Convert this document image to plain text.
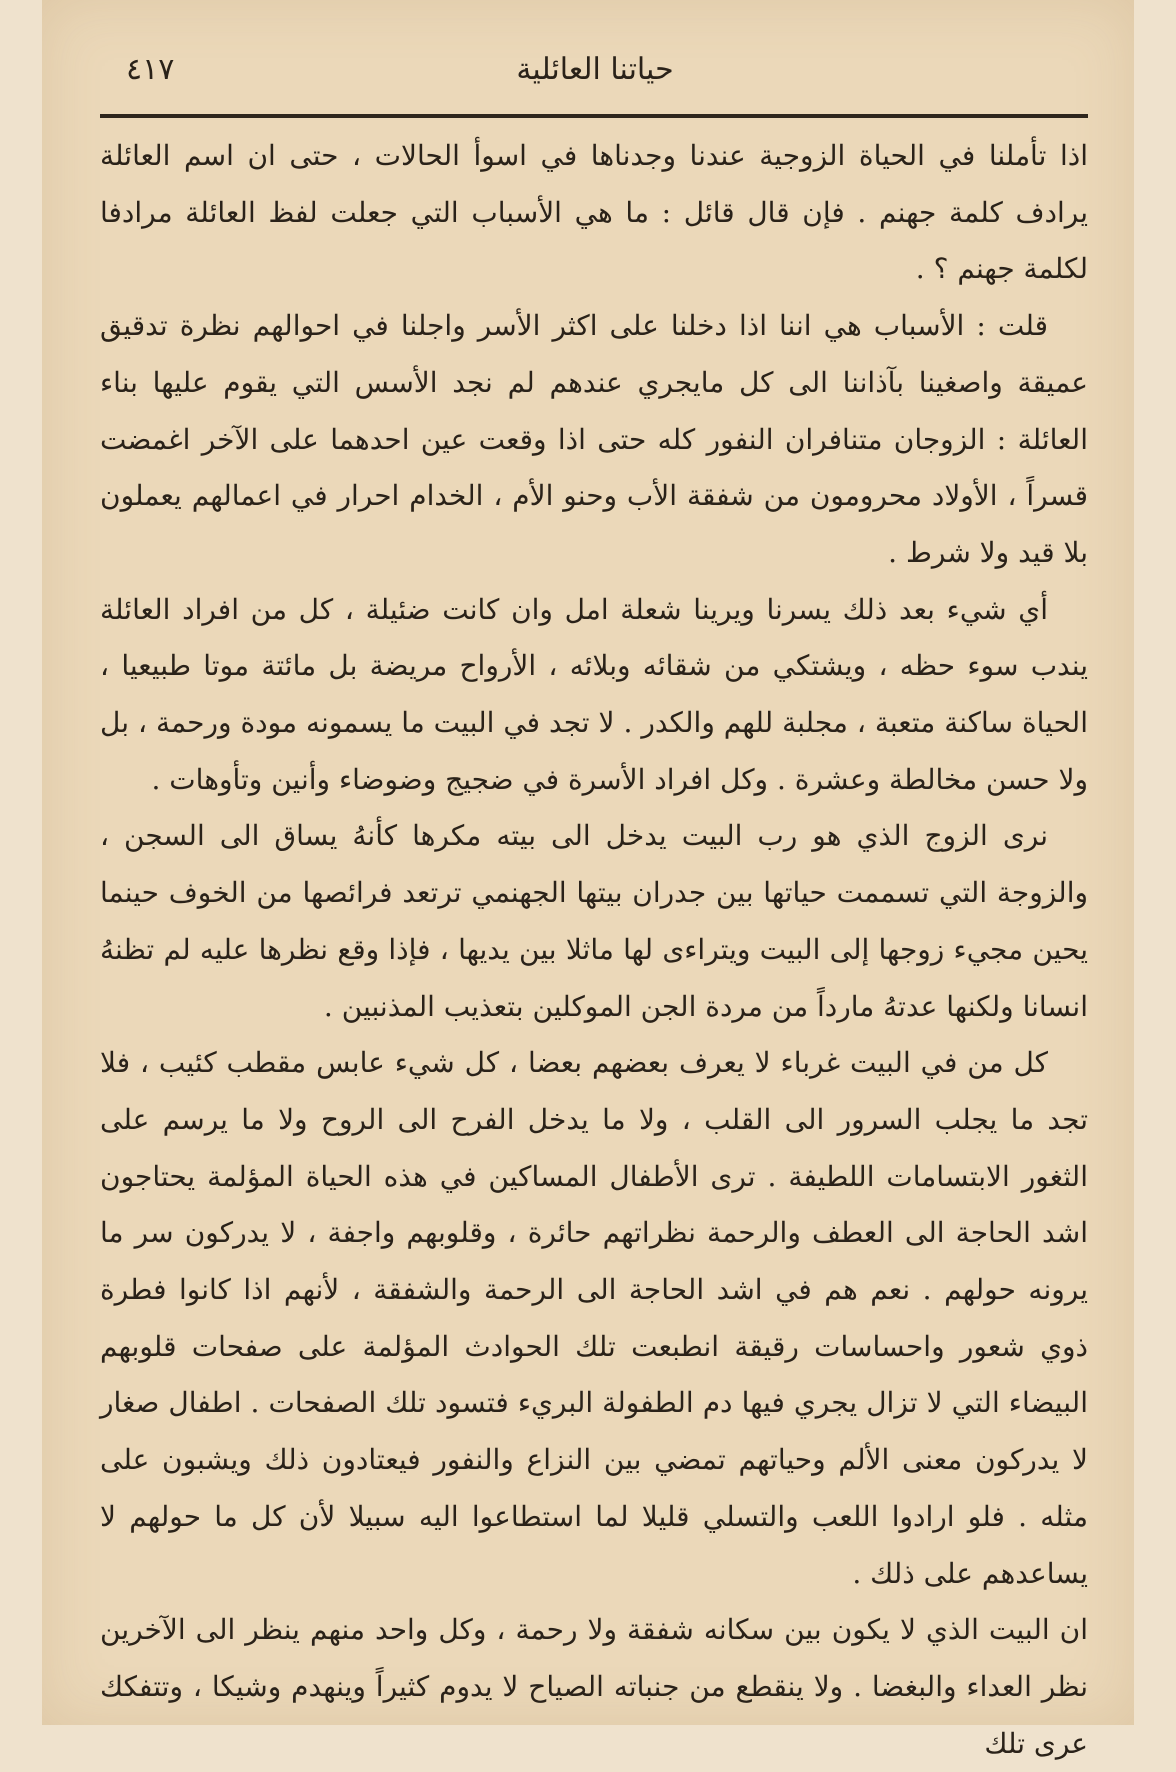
حياتنا العائلية
٤١٧

اذا تأملنا في الحياة الزوجية عندنا وجدناها في اسوأ الحالات ، حتى ان اسم العائلة يرادف كلمة جهنم . فإن قال قائل : ما هي الأسباب التي جعلت لفظ العائلة مرادفا لكلمة جهنم ؟ .

قلت : الأسباب هي اننا اذا دخلنا على اكثر الأسر واجلنا في احوالهم نظرة تدقيق عميقة واصغينا بآذاننا الى كل مايجري عندهم لم نجد الأسس التي يقوم عليها بناء العائلة : الزوجان متنافران النفور كله حتى اذا وقعت عين احدهما على الآخر اغمضت قسراً ، الأولاد محرومون من شفقة الأب وحنو الأم ، الخدام احرار في اعمالهم يعملون بلا قيد ولا شرط .

أي شيء بعد ذلك يسرنا ويرينا شعلة امل وان كانت ضئيلة ، كل من افراد العائلة يندب سوء حظه ، ويشتكي من شقائه وبلائه ، الأرواح مريضة بل مائتة موتا طبيعيا ، الحياة ساكنة متعبة ، مجلبة للهم والكدر . لا تجد في البيت ما يسمونه مودة ورحمة ، بل ولا حسن مخالطة وعشرة . وكل افراد الأسرة في ضجيج وضوضاء وأنين وتأوهات .

نرى الزوج الذي هو رب البيت يدخل الى بيته مكرها كأنهُ يساق الى السجن ، والزوجة التي تسممت حياتها بين جدران بيتها الجهنمي ترتعد فرائصها من الخوف حينما يحين مجيء زوجها إلى البيت ويتراءى لها ماثلا بين يديها ، فإذا وقع نظرها عليه لم تظنهُ انسانا ولكنها عدتهُ مارداً من مردة الجن الموكلين بتعذيب المذنبين .

كل من في البيت غرباء لا يعرف بعضهم بعضا ، كل شيء عابس مقطب كئيب ، فلا تجد ما يجلب السرور الى القلب ، ولا ما يدخل الفرح الى الروح ولا ما يرسم على الثغور الابتسامات اللطيفة . ترى الأطفال المساكين في هذه الحياة المؤلمة يحتاجون اشد الحاجة الى العطف والرحمة نظراتهم حائرة ، وقلوبهم واجفة ، لا يدركون سر ما يرونه حولهم . نعم هم في اشد الحاجة الى الرحمة والشفقة ، لأنهم اذا كانوا فطرة ذوي شعور واحساسات رقيقة انطبعت تلك الحوادث المؤلمة على صفحات قلوبهم البيضاء التي لا تزال يجري فيها دم الطفولة البريء فتسود تلك الصفحات . اطفال صغار لا يدركون معنى الألم وحياتهم تمضي بين النزاع والنفور فيعتادون ذلك ويشبون على مثله . فلو ارادوا اللعب والتسلي قليلا لما استطاعوا اليه سبيلا لأن كل ما حولهم لا يساعدهم على ذلك .

ان البيت الذي لا يكون بين سكانه شفقة ولا رحمة ، وكل واحد منهم ينظر الى الآخرين نظر العداء والبغضا . ولا ينقطع من جنباته الصياح لا يدوم كثيراً وينهدم وشيكا ، وتتفكك عرى تلك
